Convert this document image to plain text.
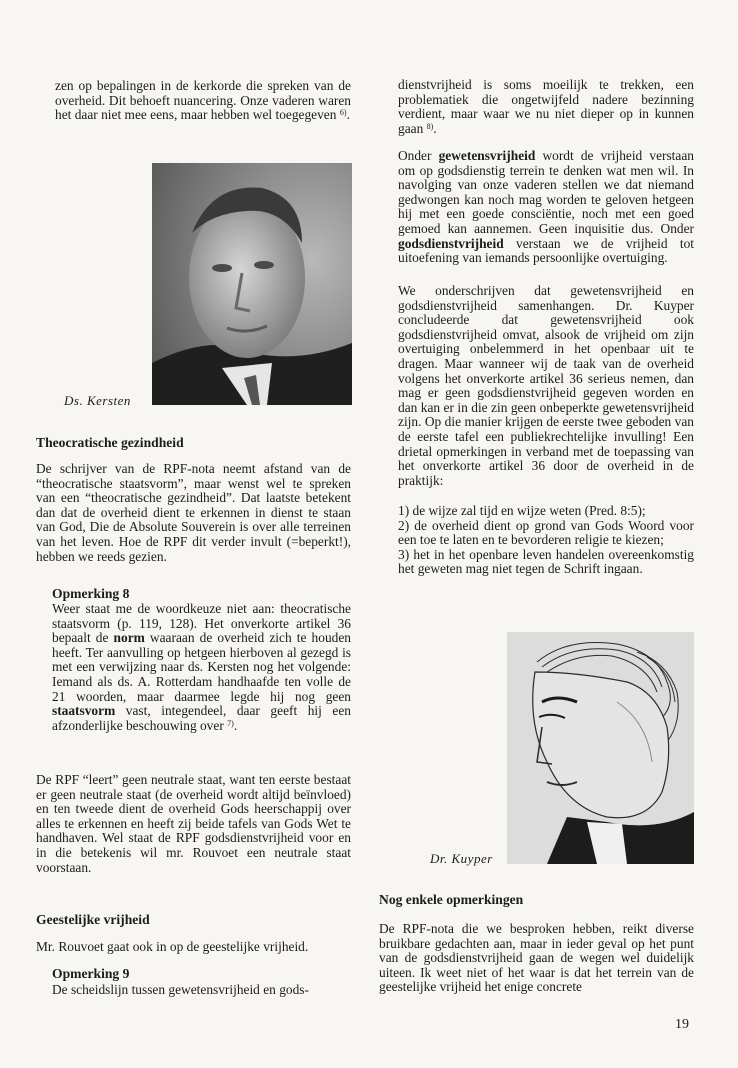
zen op bepalingen in de kerkorde die spreken van de overheid. Dit behoeft nuancering. Onze vaderen waren het daar niet mee eens, maar hebben wel toegegeven $^{6)}$.

Ds. Kersten

Theocratische gezindheid

De schrijver van de RPF-nota neemt afstand van de “theocratische staatsvorm”, maar wenst wel te spreken van een “theocratische gezindheid”. Dat laatste betekent dan dat de overheid dient te erkennen in dienst te staan van God, Die de Absolute Souverein is over alle terreinen van het leven. Hoe de RPF dit verder invult (=beperkt!), hebben we reeds gezien.

Opmerking 8

Weer staat me de woordkeuze niet aan: theocratische staatsvorm (p. 119, 128). Het onverkorte artikel 36 bepaalt de norm waaraan de overheid zich te houden heeft. Ter aanvulling op hetgeen hierboven al gezegd is met een verwijzing naar ds. Kersten nog het volgende: Iemand als ds. A. Rotterdam handhaafde ten volle de 21 woorden, maar daarmee legde hij nog geen staatsvorm vast, integendeel, daar geeft hij een afzonderlijke beschouwing over $^{7)}$.

De RPF “leert” geen neutrale staat, want ten eerste bestaat er geen neutrale staat (de overheid wordt altijd beïnvloed) en ten tweede dient de overheid Gods heerschappij over alles te erkennen en heeft zij beide tafels van Gods Wet te handhaven. Wel staat de RPF godsdienstvrijheid voor en in die betekenis wil mr. Rouvoet een neutrale staat voorstaan.

Geestelijke vrijheid

Mr. Rouvoet gaat ook in op de geestelijke vrijheid.

Opmerking 9

De scheidslijn tussen gewetensvrijheid en gods-

dienstvrijheid is soms moeilijk te trekken, een problematiek die ongetwijfeld nadere bezinning verdient, maar waar we nu niet dieper op in kunnen gaan $^{8)}$.

Onder gewetensvrijheid wordt de vrijheid verstaan om op godsdienstig terrein te denken wat men wil. In navolging van onze vaderen stellen we dat niemand gedwongen kan noch mag worden te geloven hetgeen hij met een goede consciëntie, noch met een goed gemoed kan aannemen. Geen inquisitie dus. Onder godsdienstvrijheid verstaan we de vrijheid tot uitoefening van iemands persoonlijke overtuiging.

We onderschrijven dat gewetensvrijheid en godsdienstvrijheid samenhangen. Dr. Kuyper concludeerde dat gewetensvrijheid ook godsdienstvrijheid omvat, alsook de vrijheid om zijn overtuiging onbelemmerd in het openbaar uit te dragen. Maar wanneer wij de taak van de overheid volgens het onverkorte artikel 36 serieus nemen, dan mag er geen godsdienstvrijheid gegeven worden en dan kan er in die zin geen onbeperkte gewetensvrijheid zijn. Op die manier krijgen de eerste twee geboden van de eerste tafel een publiekrechtelijke invulling! Een drietal opmerkingen in verband met de toepassing van het onverkorte artikel 36 door de overheid in de praktijk:

1) de wijze zal tijd en wijze weten (Pred. 8:5);

2) de overheid dient op grond van Gods Woord voor een toe te laten en te bevorderen religie te kiezen;

3) het in het openbare leven handelen overeenkomstig het geweten mag niet tegen de Schrift ingaan.

Dr. Kuyper

Nog enkele opmerkingen

De RPF-nota die we besproken hebben, reikt diverse bruikbare gedachten aan, maar in ieder geval op het punt van de godsdienstvrijheid gaan de wegen wel duidelijk uiteen. Ik weet niet of het waar is dat het terrein van de geestelijke vrijheid het enige concrete

19
